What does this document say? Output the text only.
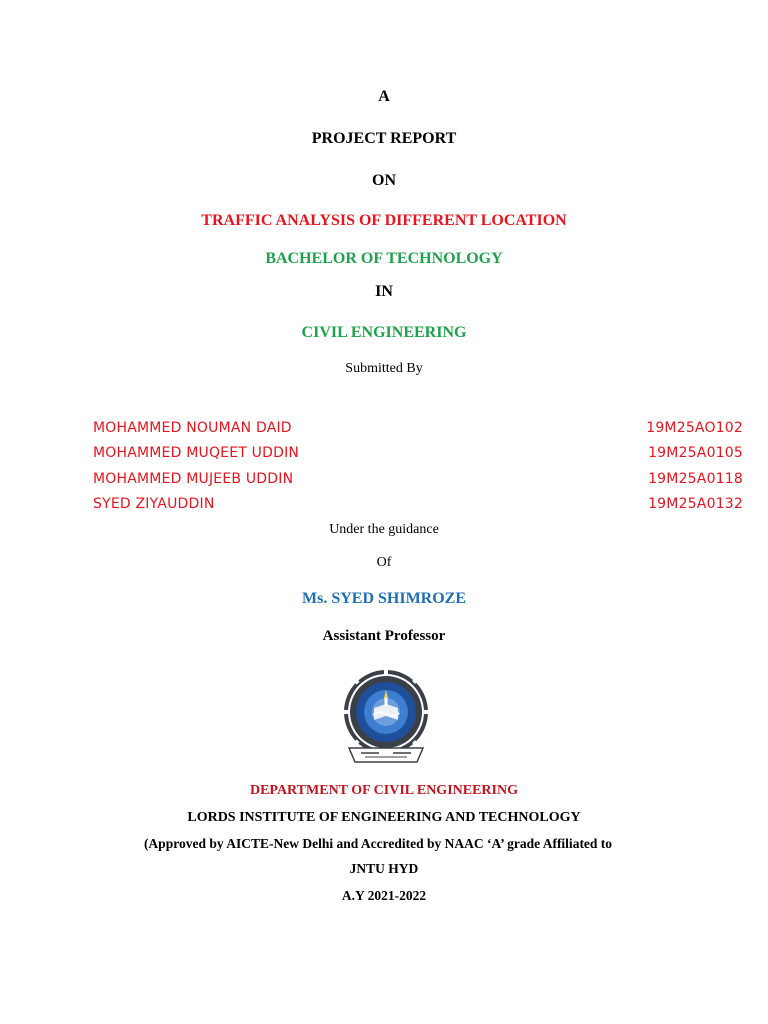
A
PROJECT REPORT
ON
TRAFFIC ANALYSIS OF DIFFERENT LOCATION
BACHELOR OF TECHNOLOGY
IN
CIVIL ENGINEERING
Submitted By
MOHAMMED NOUMAN DAID	19M25AO102
MOHAMMED MUQEET UDDIN	19M25A0105
MOHAMMED MUJEEB UDDIN	19M25A0118
SYED ZIYAUDDIN	19M25A0132
Under the guidance
Of
Ms. SYED SHIMROZE
Assistant Professor
DEPARTMENT OF CIVIL ENGINEERING
LORDS INSTITUTE OF ENGINEERING AND TECHNOLOGY
(Approved by AICTE-New Delhi and Accredited by NAAC ‘A’ grade Affiliated to
JNTU HYD
A.Y 2021-2022
